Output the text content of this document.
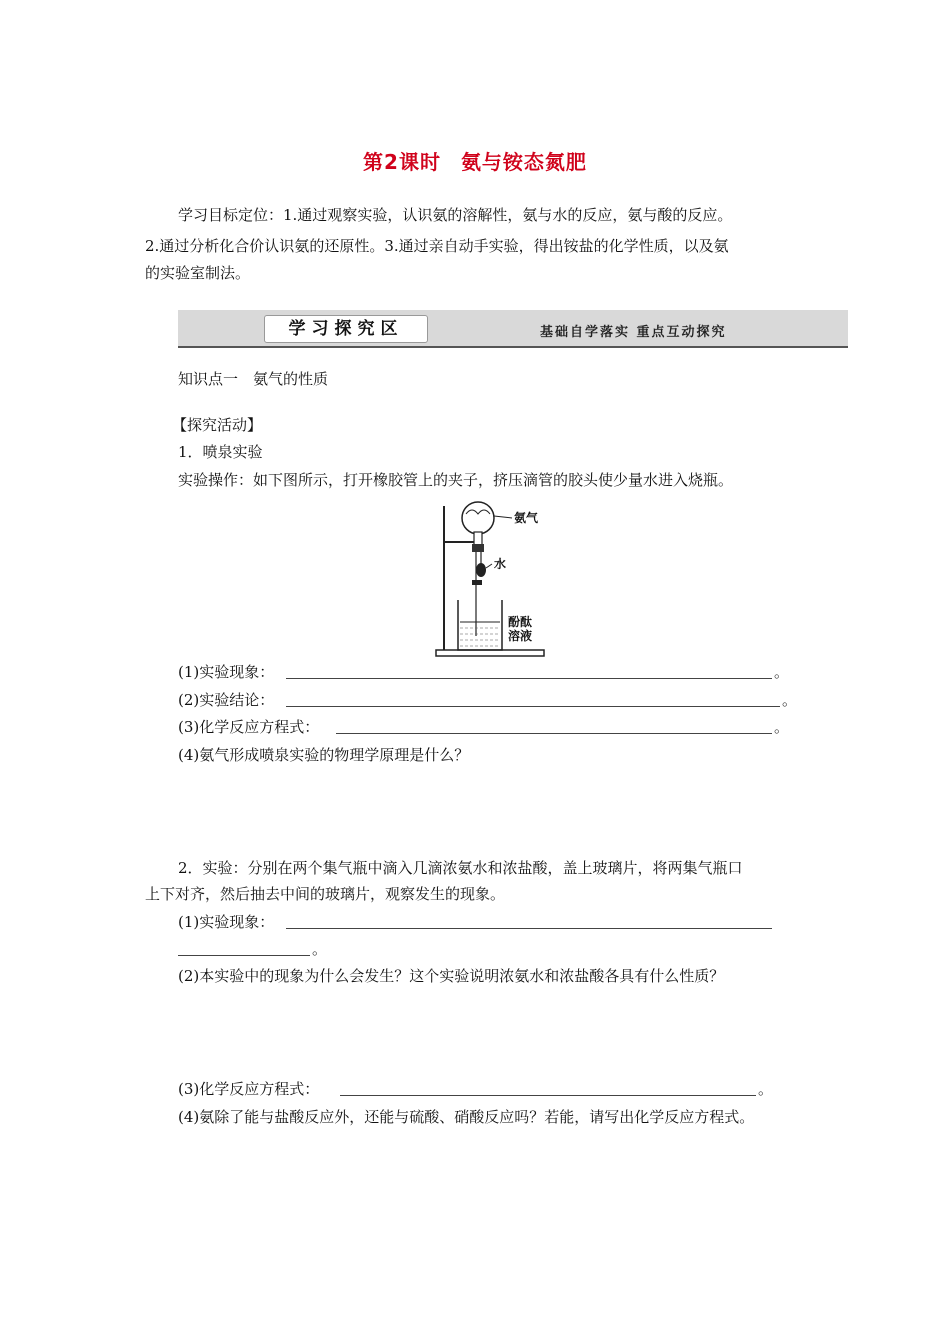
第2课时 氨与铵态氮肥
学习目标定位：1.通过观察实验，认识氨的溶解性，氨与水的反应，氨与酸的反应。
2.通过分析化合价认识氨的还原性。3.通过亲自动手实验，得出铵盐的化学性质，以及氨
的实验室制法。
学习探究区	基础自学落实 重点互动探究
知识点一　氨气的性质
【探究活动】
1．喷泉实验
实验操作：如下图所示，打开橡胶管上的夹子，挤压滴管的胶头使少量水进入烧瓶。
氨气
水
酚酞
溶液
(1)实验现象：	。
(2)实验结论：	。
(3)化学反应方程式：	。
(4)氨气形成喷泉实验的物理学原理是什么？
2．实验：分别在两个集气瓶中滴入几滴浓氨水和浓盐酸，盖上玻璃片，将两集气瓶口
上下对齐，然后抽去中间的玻璃片，观察发生的现象。
(1)实验现象：
。
(2)本实验中的现象为什么会发生？这个实验说明浓氨水和浓盐酸各具有什么性质？
(3)化学反应方程式：	。
(4)氨除了能与盐酸反应外，还能与硫酸、硝酸反应吗？若能，请写出化学反应方程式。
